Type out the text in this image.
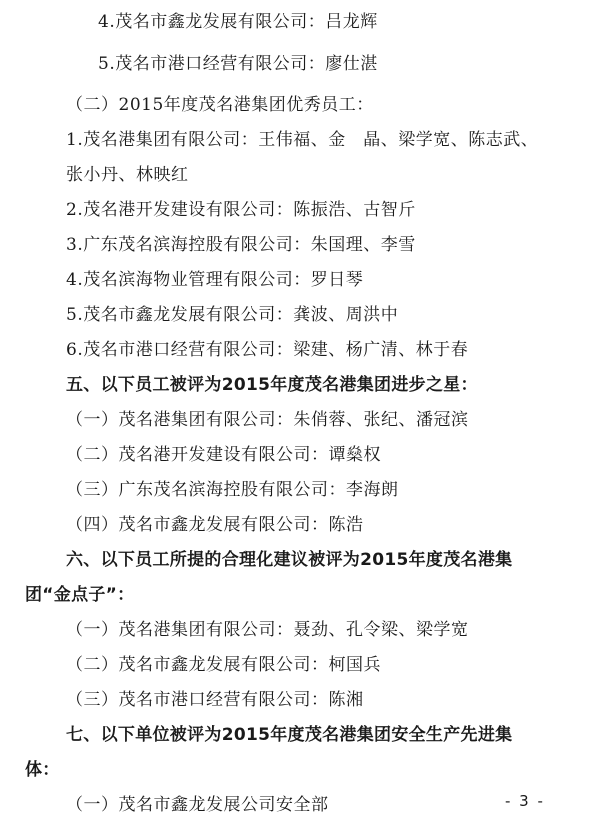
4.茂名市鑫龙发展有限公司：吕龙辉
5.茂名市港口经营有限公司：廖仕湛
（二）2015年度茂名港集团优秀员工：
1.茂名港集团有限公司：王伟福、金　晶、梁学宽、陈志武、
张小丹、林映红
2.茂名港开发建设有限公司：陈振浩、古智斤
3.广东茂名滨海控股有限公司：朱国理、李雪
4.茂名滨海物业管理有限公司：罗日琴
5.茂名市鑫龙发展有限公司：龚波、周洪中
6.茂名市港口经营有限公司：梁建、杨广清、林于春
五、以下员工被评为2015年度茂名港集团进步之星：
（一）茂名港集团有限公司：朱俏蓉、张纪、潘冠滨
（二）茂名港开发建设有限公司：谭燊权
（三）广东茂名滨海控股有限公司：李海朗
（四）茂名市鑫龙发展有限公司：陈浩
六、以下员工所提的合理化建议被评为2015年度茂名港集
团“金点子”：
（一）茂名港集团有限公司：聂劲、孔令梁、梁学宽
（二）茂名市鑫龙发展有限公司：柯国兵
（三）茂名市港口经营有限公司：陈湘
七、以下单位被评为2015年度茂名港集团安全生产先进集
体：
（一）茂名市鑫龙发展公司安全部	- 3 -
